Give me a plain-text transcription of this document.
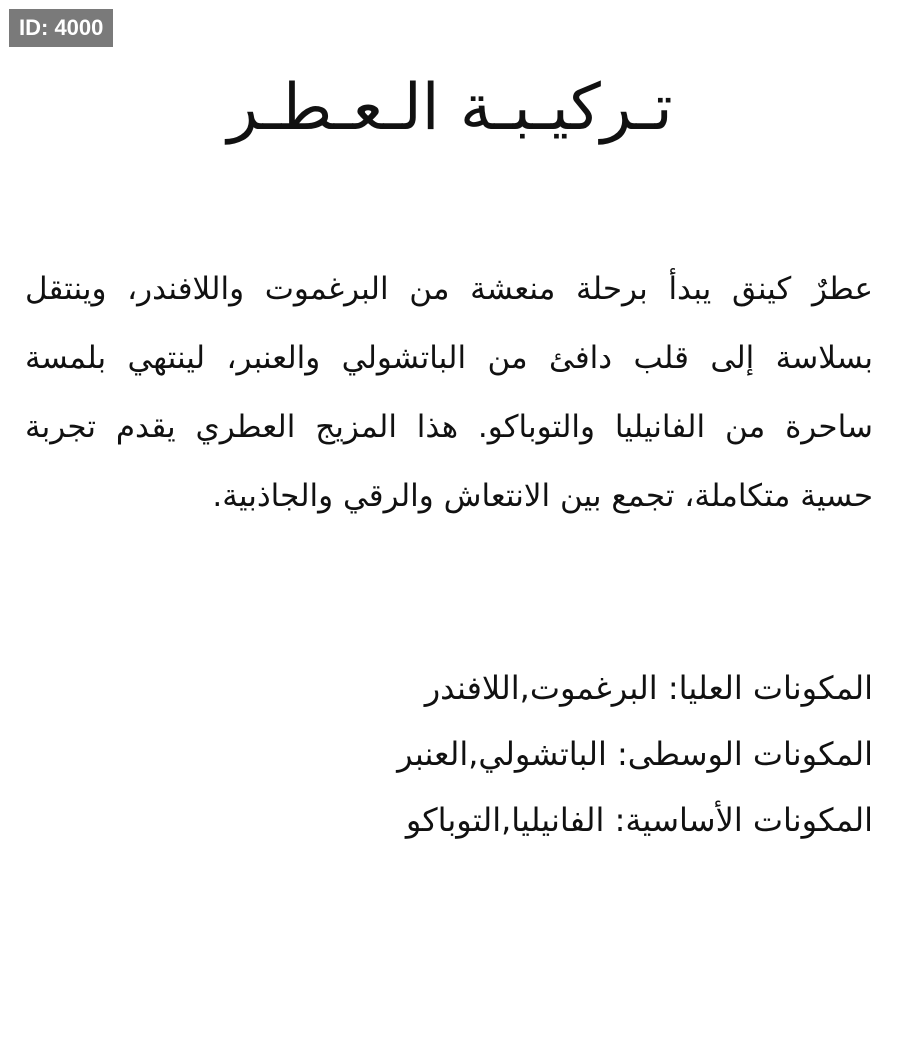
ID: 4000
تـركيـبـة الـعـطـر

عطرٌ كينق يبدأ برحلة منعشة من البرغموت واللافندر، وينتقل بسلاسة إلى قلب دافئ من الباتشولي والعنبر، لينتهي بلمسة ساحرة من الفانيليا والتوباكو. هذا المزيج العطري يقدم تجربة حسية متكاملة، تجمع بين الانتعاش والرقي والجاذبية.

المكونات العليا: البرغموت,اللافندر
المكونات الوسطى: الباتشولي,العنبر
المكونات الأساسية: الفانيليا,التوباكو
